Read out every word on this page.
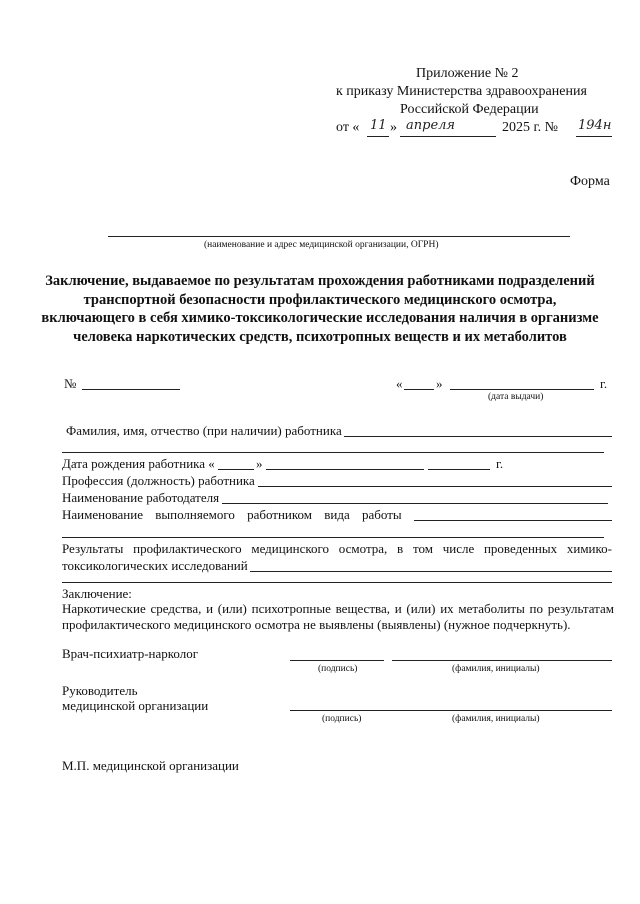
Приложение № 2
к приказу Министерства здравоохранения
Российской Федерации
от « 11 » апреля	2025 г. № 194н
Форма
(наименование и адрес медицинской организации, ОГРН)
Заключение, выдаваемое по результатам прохождения работниками подразделений транспортной безопасности профилактического медицинского осмотра, включающего в себя химико-токсикологические исследования наличия в организме человека наркотических средств, психотропных веществ и их метаболитов
№	«	»	г.
(дата выдачи)
Фамилия, имя, отчество (при наличии) работника
Дата рождения работника «	»	г.
Профессия (должность) работника
Наименование работодателя
Наименование выполняемого работником вида работы
Результаты профилактического медицинского осмотра, в том числе проведенных химико-
токсикологических исследований
Заключение:
Наркотические средства, и (или) психотропные вещества, и (или) их метаболиты по результатам профилактического медицинского осмотра не выявлены (выявлены) (нужное подчеркнуть).
Врач-психиатр-нарколог
(подпись)	(фамилия, инициалы)
Руководитель
медицинской организации
(подпись)	(фамилия, инициалы)
М.П. медицинской организации
